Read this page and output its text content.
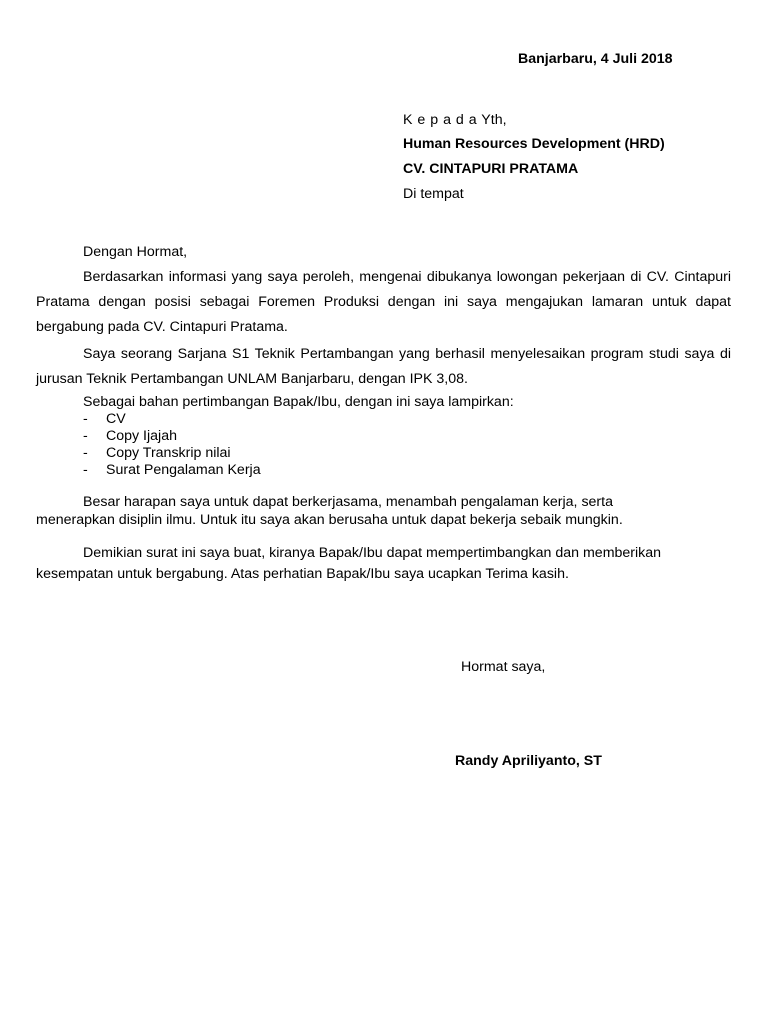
Banjarbaru, 4 Juli 2018
K e p a d a Yth,
Human Resources Development (HRD)
CV. CINTAPURI PRATAMA
Di tempat
Dengan Hormat,
Berdasarkan informasi yang saya peroleh, mengenai dibukanya lowongan pekerjaan di CV. Cintapuri Pratama dengan posisi sebagai Foremen Produksi dengan ini saya mengajukan lamaran untuk dapat bergabung pada CV. Cintapuri Pratama.
Saya seorang Sarjana S1 Teknik Pertambangan yang berhasil menyelesaikan program studi saya di jurusan Teknik Pertambangan UNLAM Banjarbaru, dengan IPK 3,08.
Sebagai bahan pertimbangan Bapak/Ibu, dengan ini saya lampirkan:
- CV
- Copy Ijajah
- Copy Transkrip nilai
- Surat Pengalaman Kerja
Besar harapan saya untuk dapat berkerjasama, menambah pengalaman kerja, serta
menerapkan disiplin ilmu. Untuk itu saya akan berusaha untuk dapat bekerja sebaik mungkin.
Demikian surat ini saya buat, kiranya Bapak/Ibu dapat mempertimbangkan dan memberikan
kesempatan untuk bergabung. Atas perhatian Bapak/Ibu saya ucapkan Terima kasih.
Hormat saya,
Randy Apriliyanto, ST
